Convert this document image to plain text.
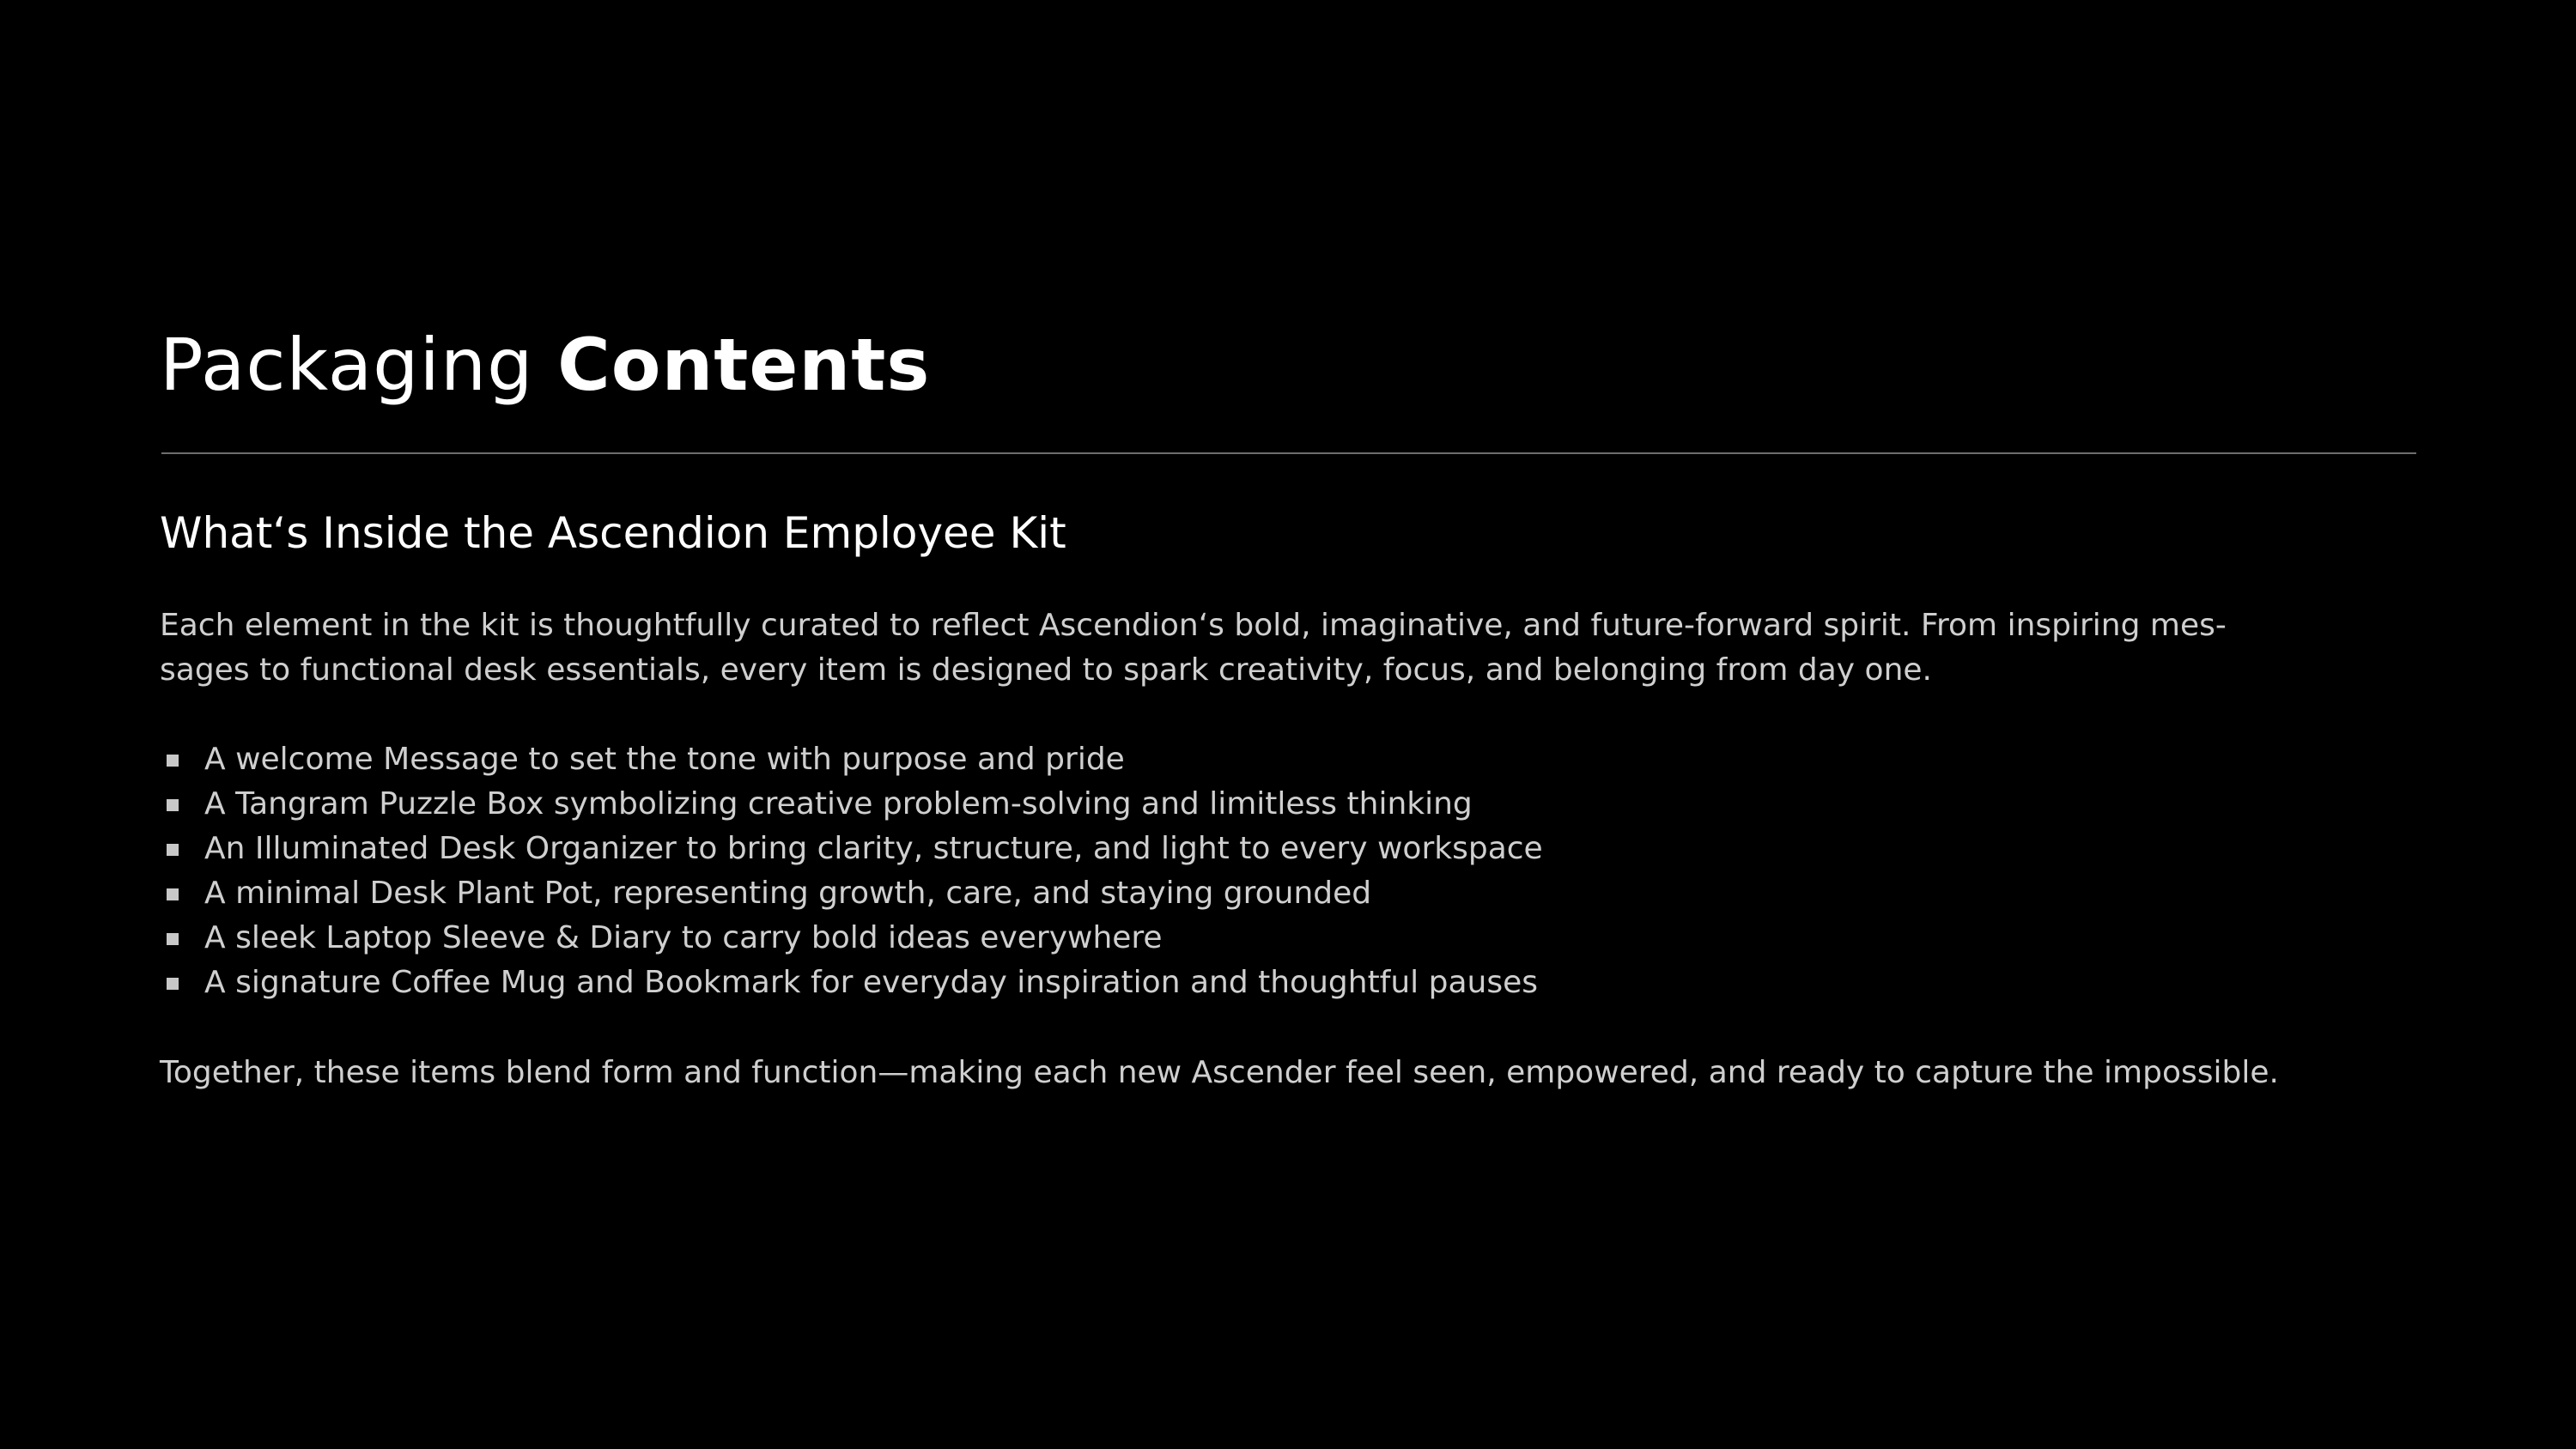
Packaging Contents
What‘s Inside the Ascendion Employee Kit

Each element in the kit is thoughtfully curated to reflect Ascendion‘s bold, imaginative, and future-forward spirit. From inspiring mes-
sages to functional desk essentials, every item is designed to spark creativity, focus, and belonging from day one.

A welcome Message to set the tone with purpose and pride
A Tangram Puzzle Box symbolizing creative problem-solving and limitless thinking
An Illuminated Desk Organizer to bring clarity, structure, and light to every workspace
A minimal Desk Plant Pot, representing growth, care, and staying grounded
A sleek Laptop Sleeve & Diary to carry bold ideas everywhere
A signature Coffee Mug and Bookmark for everyday inspiration and thoughtful pauses

Together, these items blend form and function—making each new Ascender feel seen, empowered, and ready to capture the impossible.
